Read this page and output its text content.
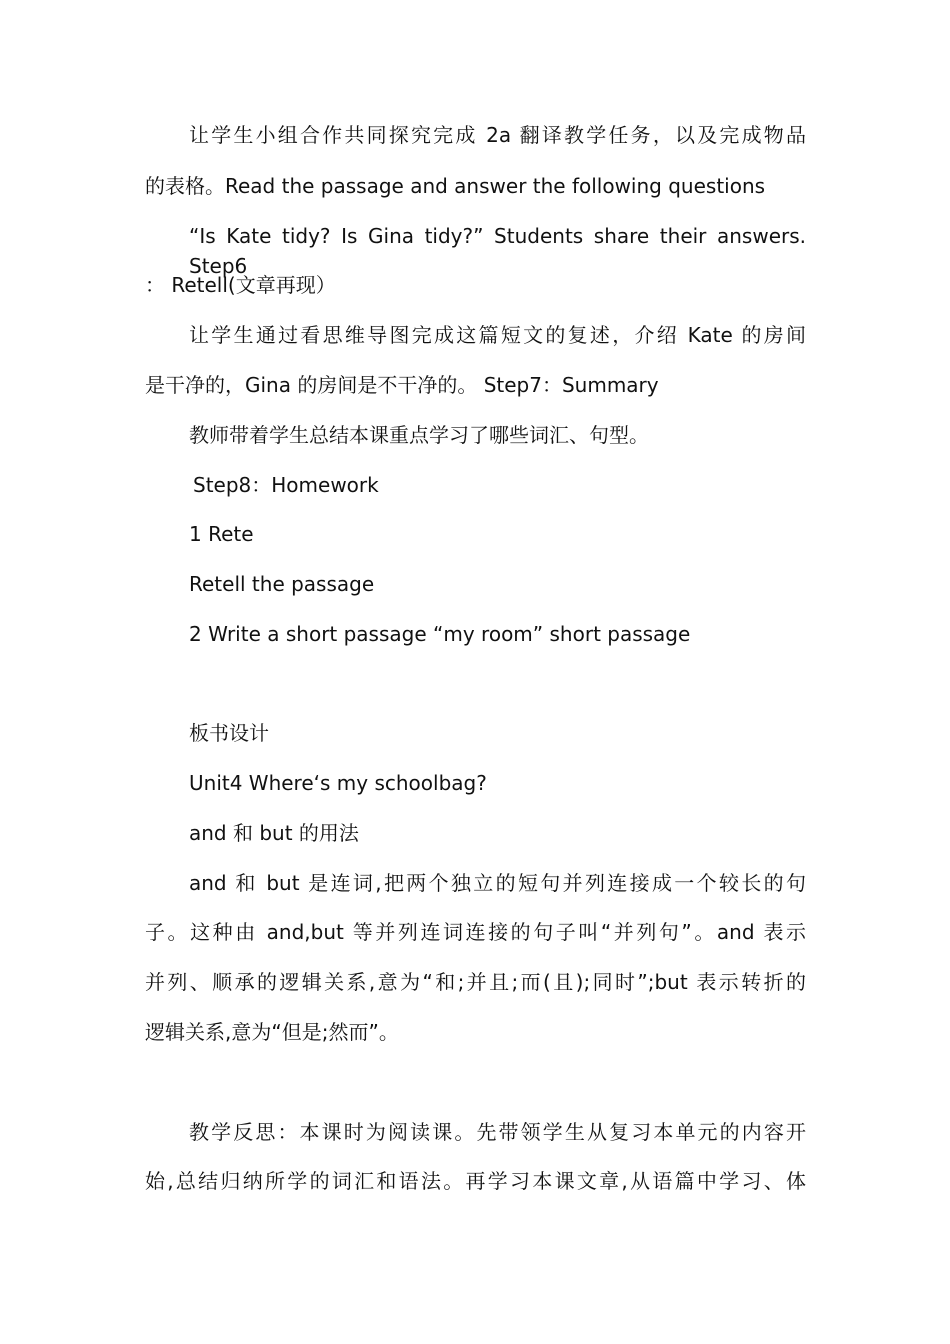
让学生小组合作共同探究完成 2a 翻译教学任务，以及完成物品
的表格。Read the passage and answer the following questions
“Is Kate tidy? Is Gina tidy?” Students share their answers. Step6
： Retell(文章再现）
让学生通过看思维导图完成这篇短文的复述，介绍 Kate 的房间
是干净的，Gina 的房间是不干净的。 Step7：Summary
教师带着学生总结本课重点学习了哪些词汇、句型。
Step8：Homework
1 Rete
Retell the passage
2 Write a short passage “my room” short passage
板书设计
Unit4 Where‘s my schoolbag?
and 和 but 的用法
and 和 but 是连词,把两个独立的短句并列连接成一个较长的句
子。这种由 and,but 等并列连词连接的句子叫“并列句”。and 表示
并列、顺承的逻辑关系,意为“和;并且;而(且);同时”;but 表示转折的
逻辑关系,意为“但是;然而”。
教学反思：本课时为阅读课。先带领学生从复习本单元的内容开
始,总结归纳所学的词汇和语法。再学习本课文章,从语篇中学习、体
